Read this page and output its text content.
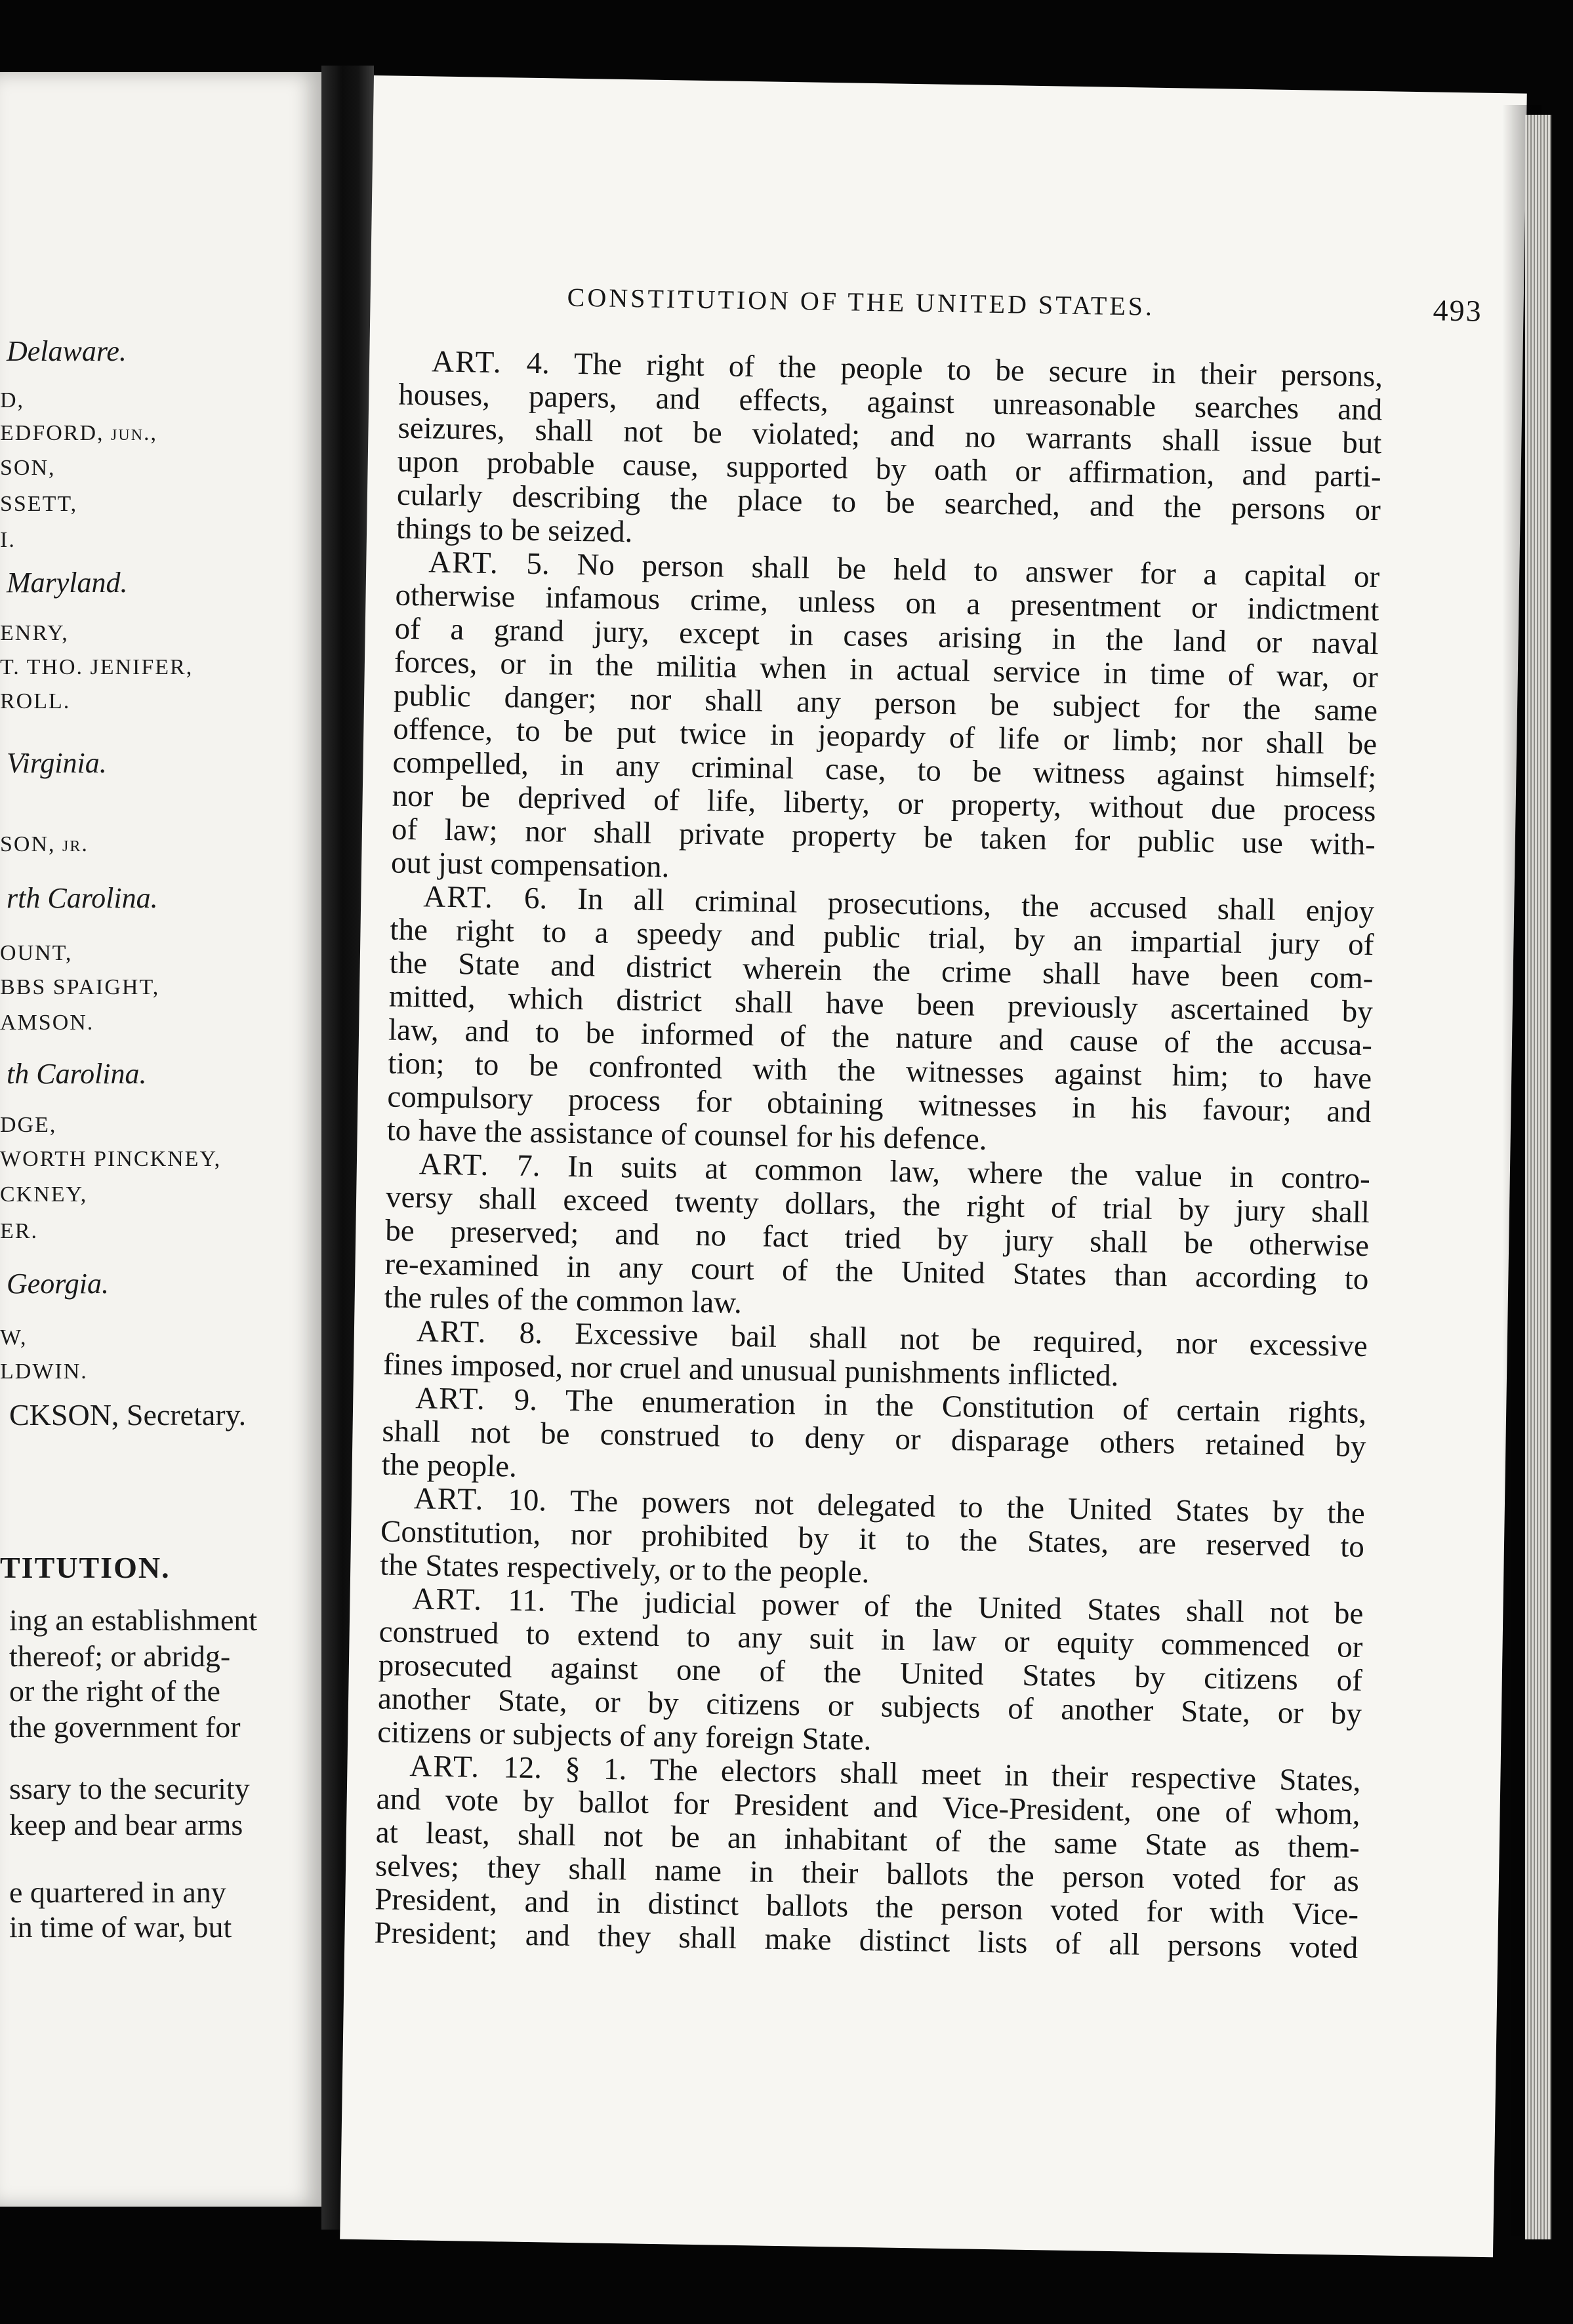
Delaware.
D,
EDFORD, jun.,
SON,
SSETT,
I.
Maryland.
ENRY,
T. THO. JENIFER,
ROLL.
Virginia.
SON, jr.
rth Carolina.
OUNT,
BBS SPAIGHT,
AMSON.
th Carolina.
DGE,
WORTH PINCKNEY,
CKNEY,
ER.
Georgia.
W,
LDWIN.
CKSON, Secretary.
TITUTION.
ing an establishment
thereof; or abridg-
or the right of the
the government for
ssary to the security
keep and bear arms
e quartered in any
in time of war, but
CONSTITUTION OF THE UNITED STATES.	493
ART. 4. The right of the people to be secure in their persons,
houses, papers, and effects, against unreasonable searches and
seizures, shall not be violated; and no warrants shall issue but
upon probable cause, supported by oath or affirmation, and parti-
cularly describing the place to be searched, and the persons or
things to be seized.
ART. 5. No person shall be held to answer for a capital or
otherwise infamous crime, unless on a presentment or indictment
of a grand jury, except in cases arising in the land or naval
forces, or in the militia when in actual service in time of war, or
public danger; nor shall any person be subject for the same
offence, to be put twice in jeopardy of life or limb; nor shall be
compelled, in any criminal case, to be witness against himself;
nor be deprived of life, liberty, or property, without due process
of law; nor shall private property be taken for public use with-
out just compensation.
ART. 6. In all criminal prosecutions, the accused shall enjoy
the right to a speedy and public trial, by an impartial jury of
the State and district wherein the crime shall have been com-
mitted, which district shall have been previously ascertained by
law, and to be informed of the nature and cause of the accusa-
tion; to be confronted with the witnesses against him; to have
compulsory process for obtaining witnesses in his favour; and
to have the assistance of counsel for his defence.
ART. 7. In suits at common law, where the value in contro-
versy shall exceed twenty dollars, the right of trial by jury shall
be preserved; and no fact tried by jury shall be otherwise
re-examined in any court of the United States than according to
the rules of the common law.
ART. 8. Excessive bail shall not be required, nor excessive
fines imposed, nor cruel and unusual punishments inflicted.
ART. 9. The enumeration in the Constitution of certain rights,
shall not be construed to deny or disparage others retained by
the people.
ART. 10. The powers not delegated to the United States by the
Constitution, nor prohibited by it to the States, are reserved to
the States respectively, or to the people.
ART. 11. The judicial power of the United States shall not be
construed to extend to any suit in law or equity commenced or
prosecuted against one of the United States by citizens of
another State, or by citizens or subjects of another State, or by
citizens or subjects of any foreign State.
ART. 12. § 1. The electors shall meet in their respective States,
and vote by ballot for President and Vice-President, one of whom,
at least, shall not be an inhabitant of the same State as them-
selves; they shall name in their ballots the person voted for as
President, and in distinct ballots the person voted for with Vice-
President; and they shall make distinct lists of all persons voted
